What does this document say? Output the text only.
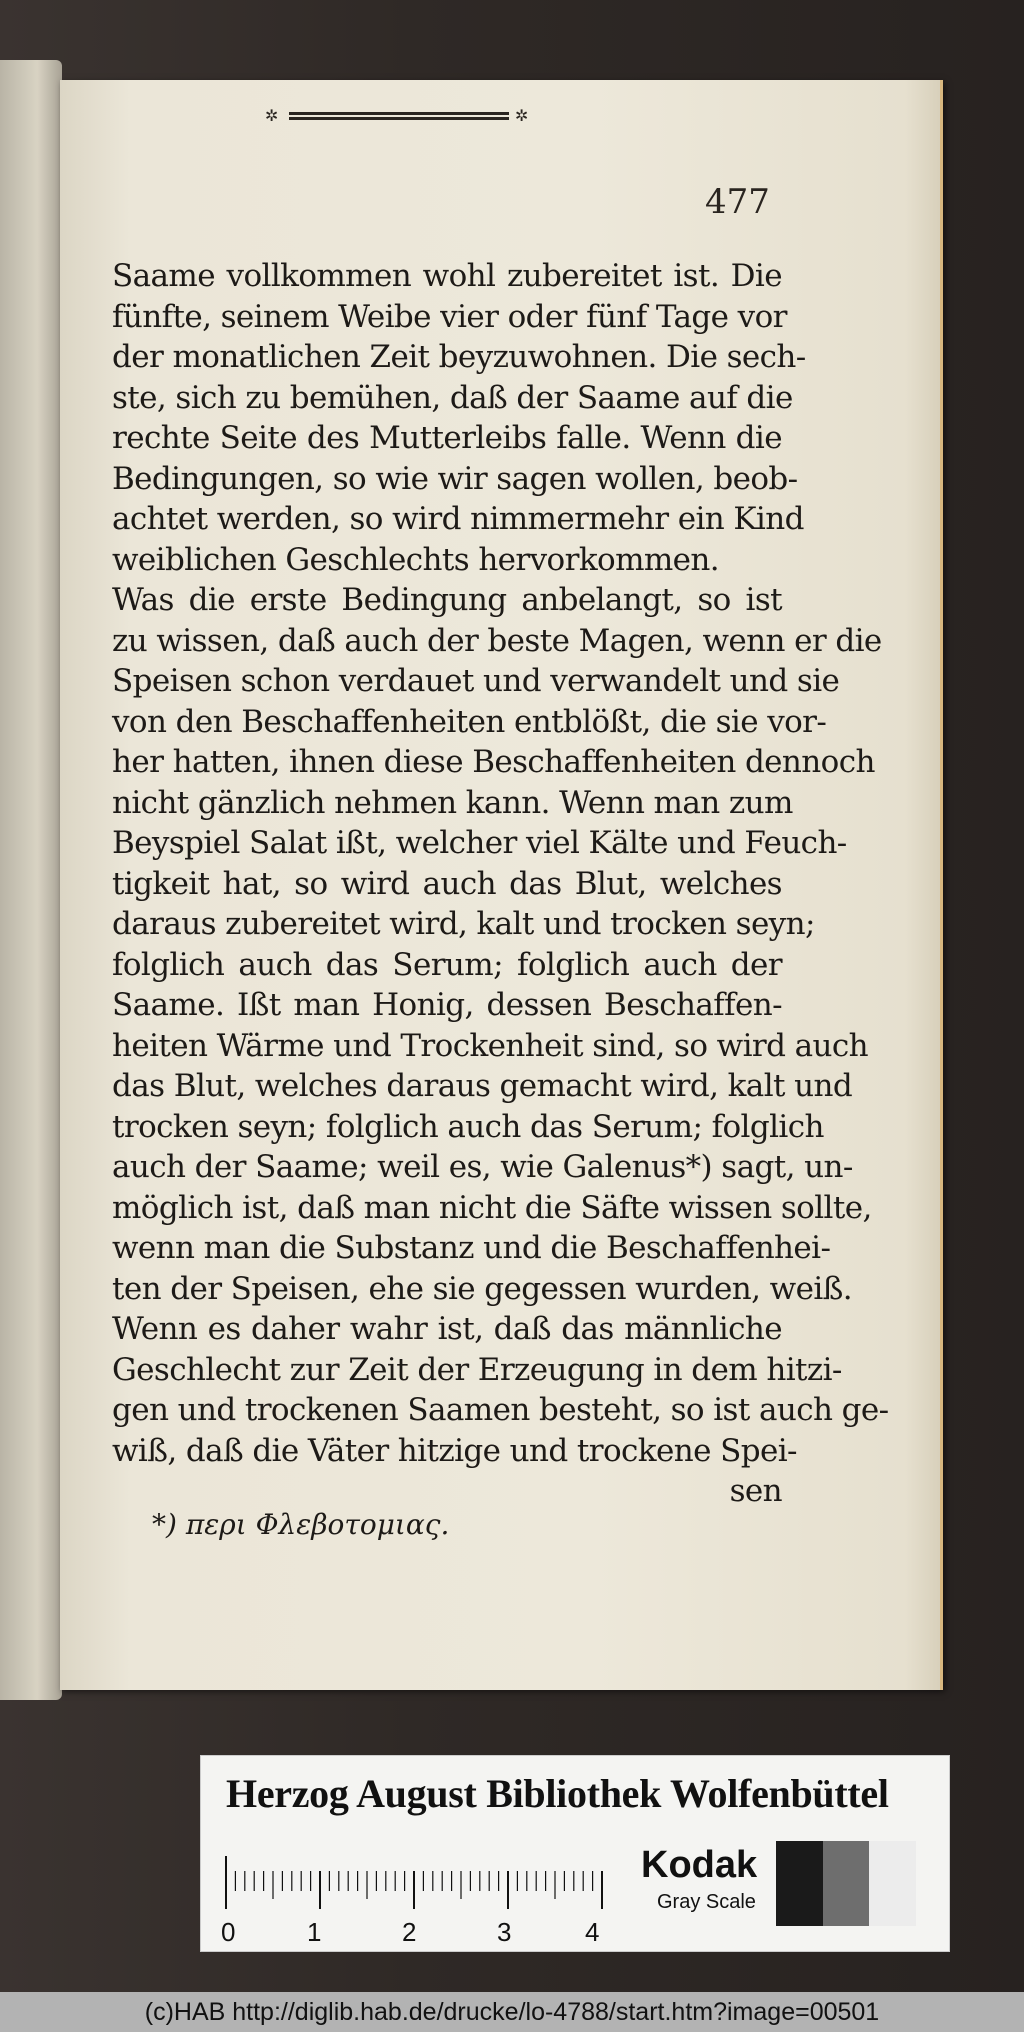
✲	✲
477
Saame vollkommen wohl zubereitet ist. Die
fünfte, seinem Weibe vier oder fünf Tage vor
der monatlichen Zeit beyzuwohnen. Die sech-
ste, sich zu bemühen, daß der Saame auf die
rechte Seite des Mutterleibs falle. Wenn die
Bedingungen, so wie wir sagen wollen, beob-
achtet werden, so wird nimmermehr ein Kind
weiblichen Geschlechts hervorkommen.
Was die erste Bedingung anbelangt, so ist
zu wissen, daß auch der beste Magen, wenn er die
Speisen schon verdauet und verwandelt und sie
von den Beschaffenheiten entblößt, die sie vor-
her hatten, ihnen diese Beschaffenheiten dennoch
nicht gänzlich nehmen kann. Wenn man zum
Beyspiel Salat ißt, welcher viel Kälte und Feuch-
tigkeit hat, so wird auch das Blut, welches
daraus zubereitet wird, kalt und trocken seyn;
folglich auch das Serum; folglich auch der
Saame. Ißt man Honig, dessen Beschaffen-
heiten Wärme und Trockenheit sind, so wird auch
das Blut, welches daraus gemacht wird, kalt und
trocken seyn; folglich auch das Serum; folglich
auch der Saame; weil es, wie Galenus*) sagt, un-
möglich ist, daß man nicht die Säfte wissen sollte,
wenn man die Substanz und die Beschaffenhei-
ten der Speisen, ehe sie gegessen wurden, weiß.
Wenn es daher wahr ist, daß das männliche
Geschlecht zur Zeit der Erzeugung in dem hitzi-
gen und trockenen Saamen besteht, so ist auch ge-
wiß, daß die Väter hitzige und trockene Spei-
sen
*) περι Φλεβοτομιας.
Herzog August Bibliothek Wolfenbüttel
0	1	2	3	4
Kodak
Gray Scale
(c)HAB http://diglib.hab.de/drucke/lo-4788/start.htm?image=00501
